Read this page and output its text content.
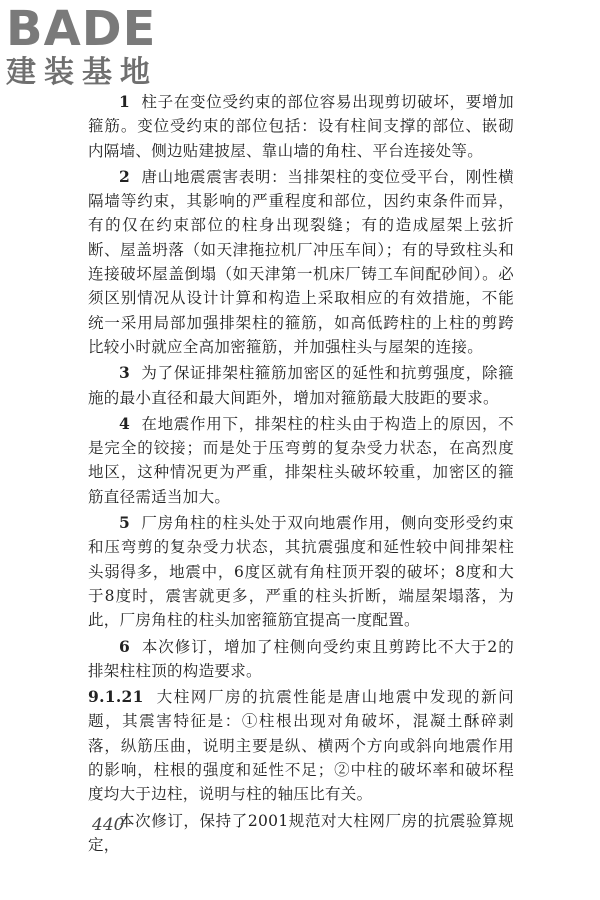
BADE
建装基地

1 柱子在变位受约束的部位容易出现剪切破坏，要增加箍筋。变位受约束的部位包括：设有柱间支撑的部位、嵌砌内隔墙、侧边贴建披屋、靠山墙的角柱、平台连接处等。

2 唐山地震震害表明：当排架柱的变位受平台，刚性横隔墙等约束，其影响的严重程度和部位，因约束条件而异，有的仅在约束部位的柱身出现裂缝；有的造成屋架上弦折断、屋盖坍落（如天津拖拉机厂冲压车间）；有的导致柱头和连接破坏屋盖倒塌（如天津第一机床厂铸工车间配砂间）。必须区别情况从设计计算和构造上采取相应的有效措施，不能统一采用局部加强排架柱的箍筋，如高低跨柱的上柱的剪跨比较小时就应全高加密箍筋，并加强柱头与屋架的连接。

3 为了保证排架柱箍筋加密区的延性和抗剪强度，除箍施的最小直径和最大间距外，增加对箍筋最大肢距的要求。

4 在地震作用下，排架柱的柱头由于构造上的原因，不是完全的铰接；而是处于压弯剪的复杂受力状态，在高烈度地区，这种情况更为严重，排架柱头破坏较重，加密区的箍筋直径需适当加大。

5 厂房角柱的柱头处于双向地震作用，侧向变形受约束和压弯剪的复杂受力状态，其抗震强度和延性较中间排架柱头弱得多，地震中，6度区就有角柱顶开裂的破坏；8度和大于8度时，震害就更多，严重的柱头折断，端屋架塌落，为此，厂房角柱的柱头加密箍筋宜提高一度配置。

6 本次修订，增加了柱侧向受约束且剪跨比不大于2的排架柱柱顶的构造要求。

9.1.21 大柱网厂房的抗震性能是唐山地震中发现的新问题，其震害特征是：①柱根出现对角破坏，混凝土酥碎剥落，纵筋压曲，说明主要是纵、横两个方向或斜向地震作用的影响，柱根的强度和延性不足；②中柱的破坏率和破坏程度均大于边柱，说明与柱的轴压比有关。

本次修订，保持了2001规范对大柱网厂房的抗震验算规定，

440
